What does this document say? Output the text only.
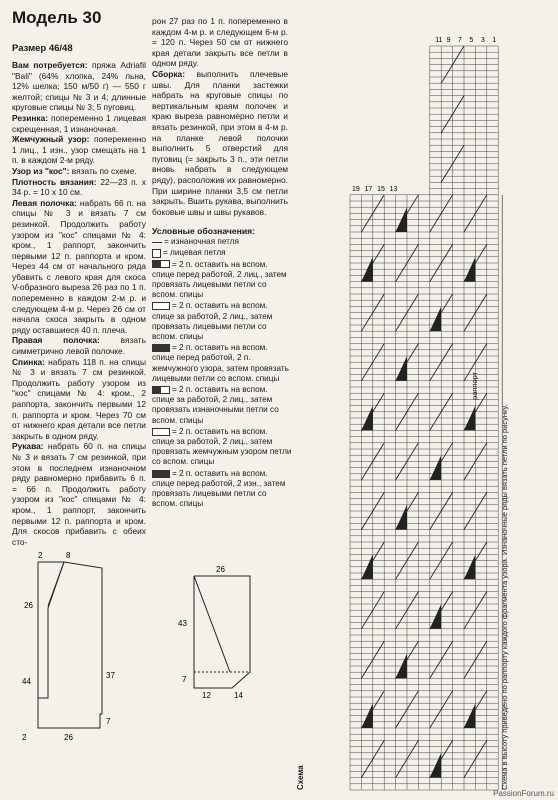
Модель 30
Размер 46/48

Вам потребуется: пряжа Adriafil "Bali" (64% хлопка, 24% льна, 12% шелка; 150 м/50 г) — 550 г желтой; спицы № 3 и 4; длинные круговые спицы № 3; 5 пуговиц.

Резинка: попеременно 1 лицевая скрещенная, 1 изнаночная.

Жемчужный узор: попеременно 1 лиц., 1 изн., узор смещать на 1 п. в каждом 2-м ряду.

Узор из "кос": вязать по схеме.

Плотность вязания: 22—23 п. х 34 р. = 10 х 10 см.

Левая полочка: набрать 66 п. на спицы № 3 и вязать 7 см резинкой. Продолжить работу узором из "кос" спицами № 4: кром., 1 раппорт, закончить первыми 12 п. раппорта и кром. Через 44 см от начального ряда убавить с левого края для скоса V-образного выреза 26 раз по 1 п. попеременно в каждом 2-м р. и следующем 4-м р. Через 26 см от начала скоса закрыть в одном ряду оставшиеся 40 п. плеча.

Правая полочка: вязать симметрично левой полочке.

Спинка: набрать 118 п. на спицы № 3 и вязать 7 см резинкой. Продолжить работу узором из "кос" спицами № 4: кром., 2 раппорта, закончить первыми 12 п. раппорта и кром. Через 70 см от нижнего края детали все петли закрыть в одном ряду.

Рукава: набрать 60 п. на спицы № 3 и вязать 7 см резинкой, при этом в последнем изнаночном ряду равномерно прибавить 6 п. = 66 п. Продолжить работу узором из "кос" спицами № 4: кром., 1 раппорт, закончить первыми 12 п. раппорта и кром. Для скосов прибавить с обеих сто-

рон 27 раз по 1 п. попеременно в каждом 4-м р. и следующем 6-м р. = 120 п. Через 50 см от нижнего края детали закрыть все петли в одном ряду.

Сборка: выполнить плечевые швы. Для планки застежки набрать на круговые спицы по вертикальным краям полочек и краю выреза равномерно петли и вязать резинкой, при этом в 4-м р. на планке левой полочки выполнить 5 отверстий для пуговиц (= закрыть 3 п., эти петли вновь набрать в следующем ряду), расположив их равномерно. При ширине планки 3,5 см петли закрыть. Вшить рукава, выполнить боковые швы и швы рукавов.

Условные обозначения:
= изнаночная петля
= лицевая петля
= 2 п. оставить на вспом. спице перед работой, 2 лиц., затем провязать лицевыми петли со вспом. спицы
= 2 п. оставить на вспом. спице за работой, 2 лиц., затем провязать лицевыми петли со вспом. спицы
= 2 п. оставить на вспом. спице перед работой, 2 п. жемчужного узора, затем провязать лицевыми петли со вспом. спицы
= 2 п. оставить на вспом. спице за работой, 2 лиц., затем провязать изнаночными петли со вспом. спицы
= 2 п. оставить на вспом. спице за работой, 2 лиц., затем провязать жемчужным узором петли со вспом. спицы
= 2 п. оставить на вспом. спице перед работой, 2 изн., затем провязать лицевыми петли со вспом. спицы
2	8
26
44
37
26
7
2
26
43
7
12	14
11 9 7 5 3 1
19 17 15 13
раппорт
Схема	Схема в высоту приведено по раппорту каждого фрагмента узора. Изнаночные ряды вязать петли по рисунку.
PassionForum.ru
